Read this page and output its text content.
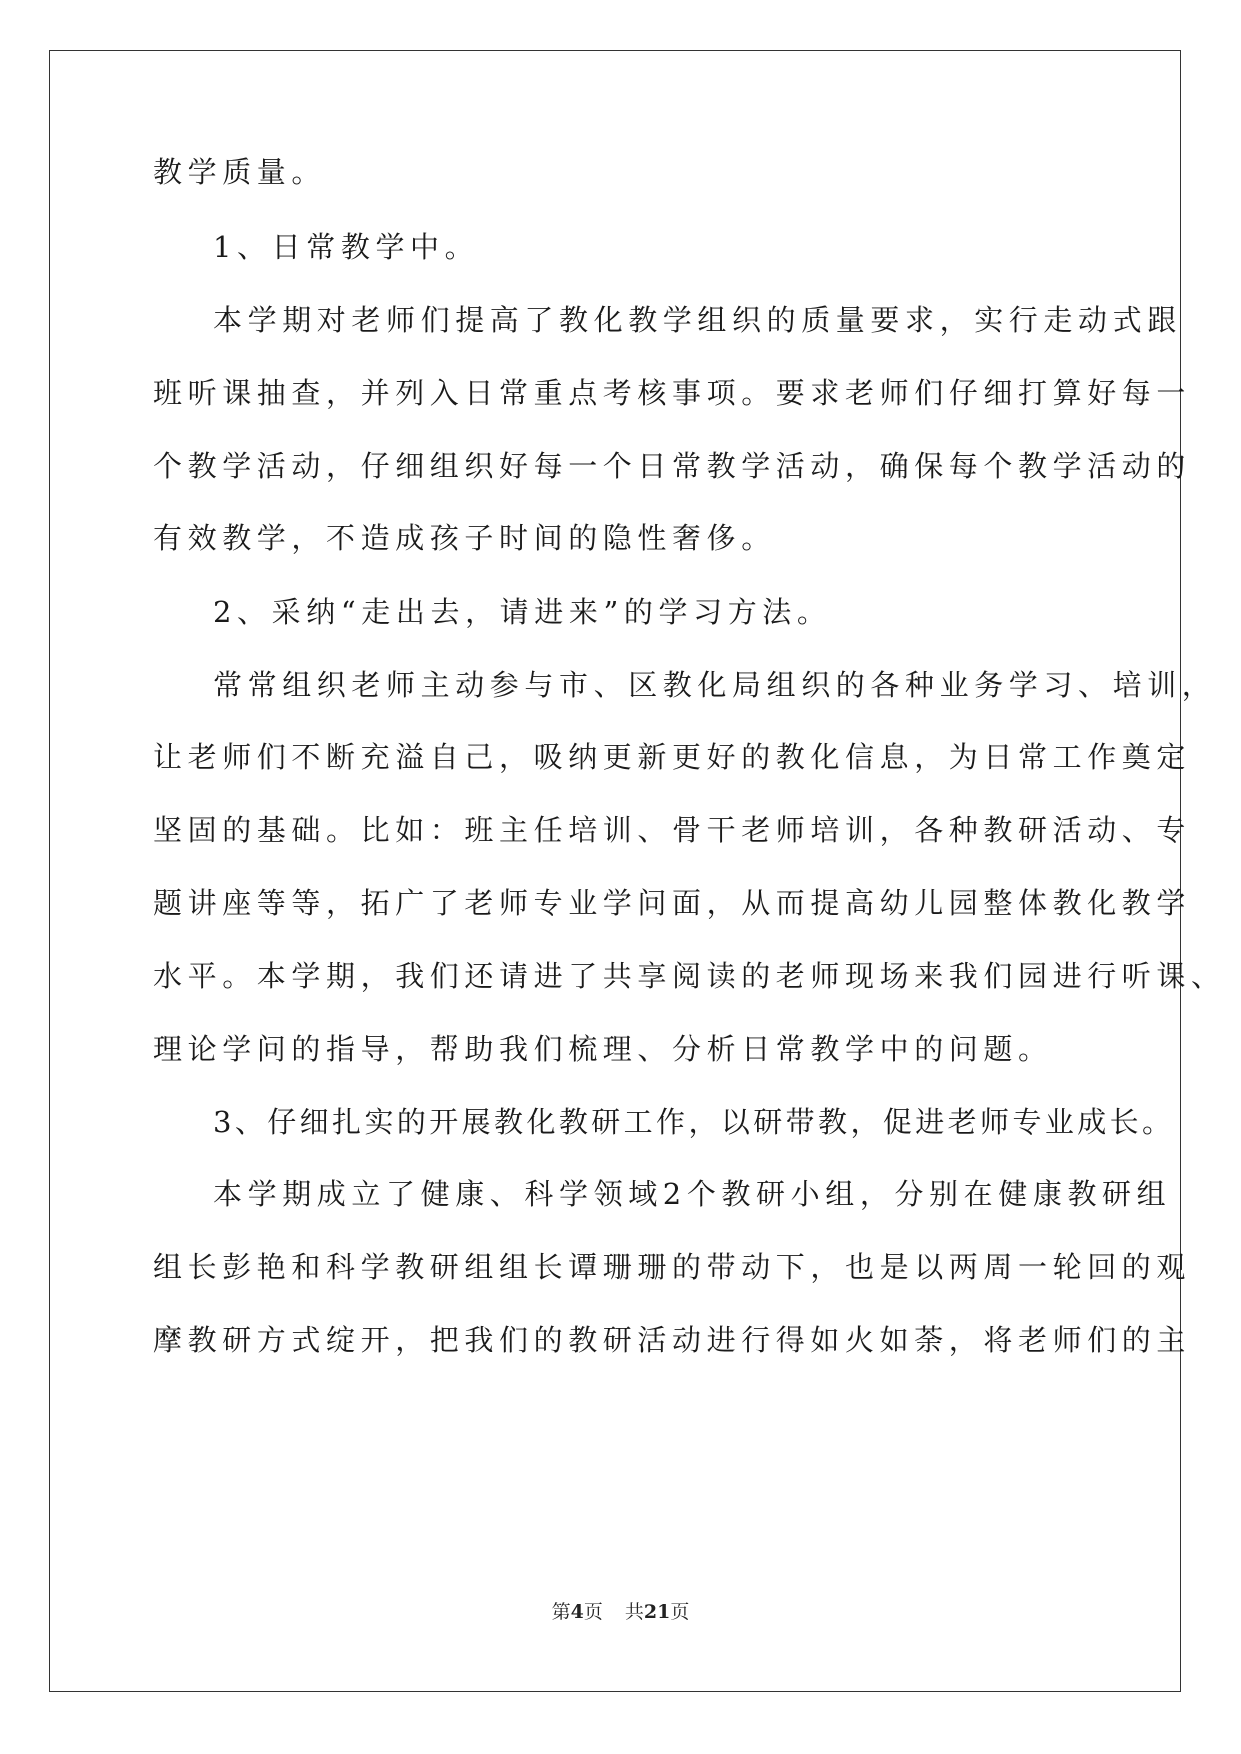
教学质量。
1、日常教学中。
本学期对老师们提高了教化教学组织的质量要求，实行走动式跟
班听课抽查，并列入日常重点考核事项。要求老师们仔细打算好每一
个教学活动，仔细组织好每一个日常教学活动，确保每个教学活动的
有效教学，不造成孩子时间的隐性奢侈。
2、采纳“走出去，请进来”的学习方法。
常常组织老师主动参与市、区教化局组织的各种业务学习、培训，
让老师们不断充溢自己，吸纳更新更好的教化信息，为日常工作奠定
坚固的基础。比如：班主任培训、骨干老师培训，各种教研活动、专
题讲座等等，拓广了老师专业学问面，从而提高幼儿园整体教化教学
水平。本学期，我们还请进了共享阅读的老师现场来我们园进行听课、
理论学问的指导，帮助我们梳理、分析日常教学中的问题。
3、仔细扎实的开展教化教研工作，以研带教，促进老师专业成长。
本学期成立了健康、科学领域2个教研小组，分别在健康教研组
组长彭艳和科学教研组组长谭珊珊的带动下，也是以两周一轮回的观
摩教研方式绽开，把我们的教研活动进行得如火如荼，将老师们的主
第4页 共21页
